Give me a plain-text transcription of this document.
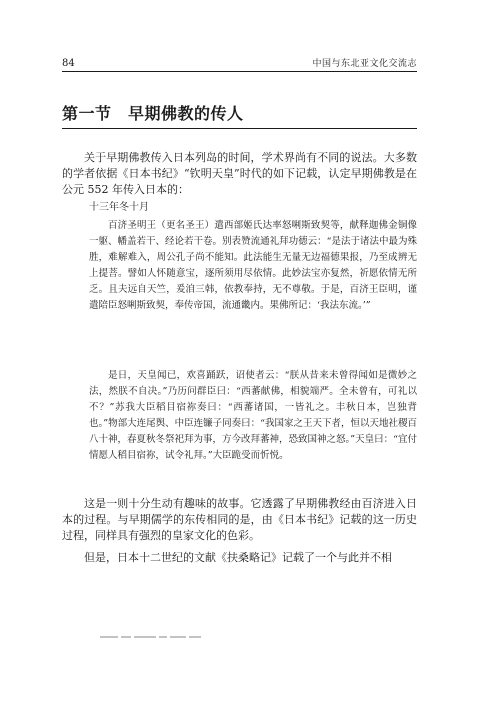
84	中国与东北亚文化交流志
第一节　早期佛教的传人

关于早期佛教传入日本列岛的时间，学术界尚有不同的说法。大多数的学者依据《日本书纪》“钦明天皇”时代的如下记载，认定早期佛教是在公元 552 年传入日本的：

十三年冬十月

百济圣明王（更名圣王）遣西部姬氏达率怒唎斯致契等，献释迦佛金铜像一躯、幡盖若干、经论若干卷。别表赞流通礼拜功德云：“是法于诸法中最为殊胜，难解难入，周公孔子尚不能知。此法能生无量无边福德果报，乃至成辨无上提菩。譬如人怀随意宝，逐所须用尽依情。此妙法宝亦复然，祈愿依情无所乏。且夫远自天竺，爰洎三韩，依教奉持，无不尊敬。于是，百济王臣明，谨遣陪臣怒唎斯致契，奉传帝国，流通畿内。果佛所记：‘我法东流。’”

是日，天皇闻已，欢喜踊跃，诏使者云：“朕从昔来未曾得闻如是微妙之法，然朕不自决。”乃历问群臣曰：“西蕃献佛，相貌端严。全未曾有，可礼以不？”苏我大臣稻目宿祢奏曰：“西蕃诸国，一皆礼之。丰秋日本，岂独背也。”物部大连尾舆、中臣连镰子同奏曰：“我国家之王天下者，恒以天地社稷百八十神，春夏秋冬祭祀拜为事，方今改拜蕃神，恐致国神之怒。”天皇曰：“宜付情愿人稻目宿祢，试令礼拜。”大臣跪受而忻悦。

这是一则十分生动有趣味的故事。它透露了早期佛教经由百济进入日本的过程。与早期儒学的东传相同的是，由《日本书纪》记载的这一历史过程，同样具有强烈的皇家文化的色彩。

但是，日本十二世纪的文献《扶桑略记》记载了一个与此并不相
